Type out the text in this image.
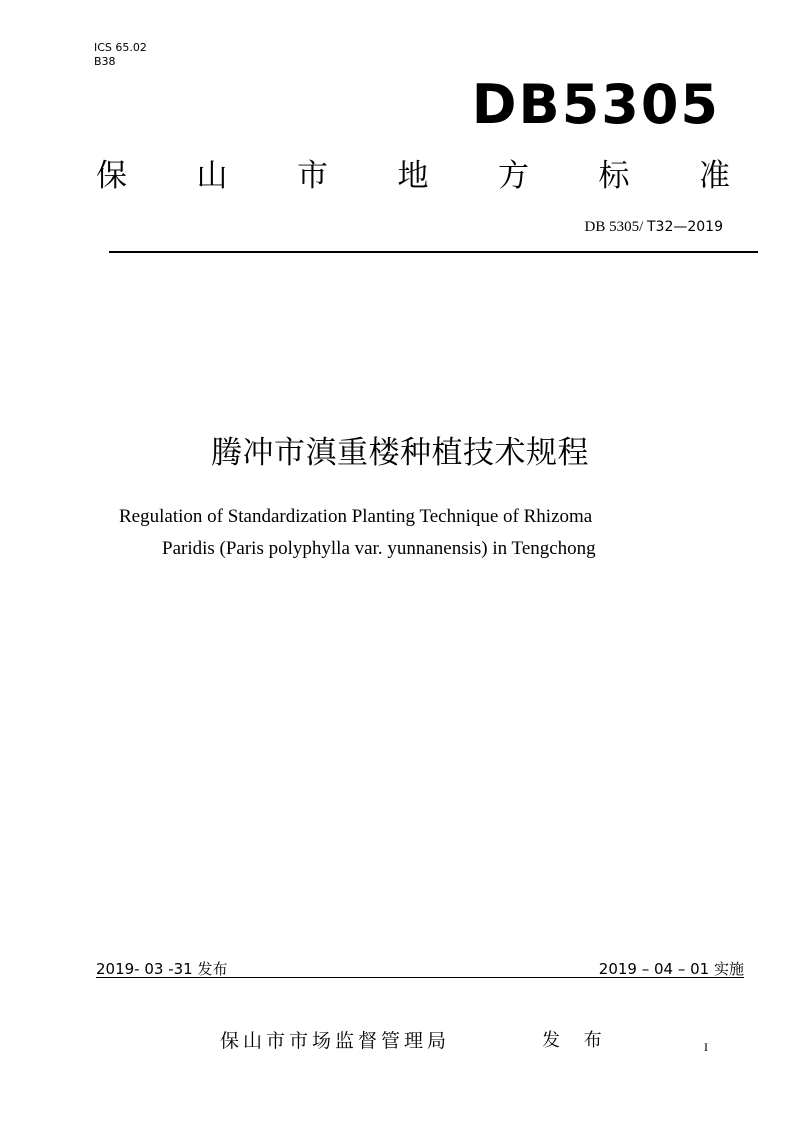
ICS 65.02
B38
DB5305
保 山 市 地 方 标 准
DB 5305/ T32—2019
腾冲市滇重楼种植技术规程
Regulation of Standardization Planting Technique of Rhizoma
Paridis (Paris polyphylla var. yunnanensis) in Tengchong
2019- 03 -31 发布	2019 – 04 – 01 实施
保山市市场监督管理局	发 布	I
